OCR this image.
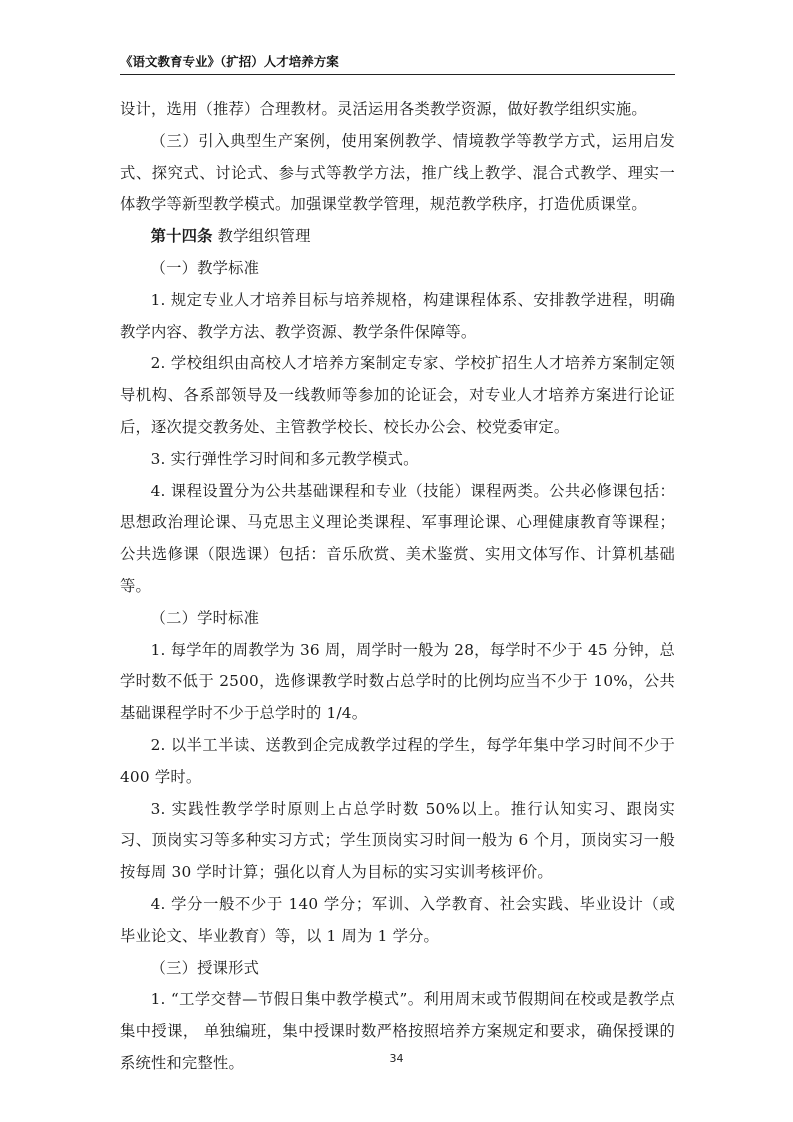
《语文教育专业》（扩招）人才培养方案

设计，选用（推荐）合理教材。灵活运用各类教学资源，做好教学组织实施。

（三）引入典型生产案例，使用案例教学、情境教学等教学方式，运用启发式、探究式、讨论式、参与式等教学方法，推广线上教学、混合式教学、理实一体教学等新型教学模式。加强课堂教学管理，规范教学秩序，打造优质课堂。

第十四条 教学组织管理

（一）教学标准

1. 规定专业人才培养目标与培养规格，构建课程体系、安排教学进程，明确教学内容、教学方法、教学资源、教学条件保障等。

2. 学校组织由高校人才培养方案制定专家、学校扩招生人才培养方案制定领导机构、各系部领导及一线教师等参加的论证会，对专业人才培养方案进行论证后，逐次提交教务处、主管教学校长、校长办公会、校党委审定。

3. 实行弹性学习时间和多元教学模式。

4. 课程设置分为公共基础课程和专业（技能）课程两类。公共必修课包括：思想政治理论课、马克思主义理论类课程、军事理论课、心理健康教育等课程；公共选修课（限选课）包括：音乐欣赏、美术鉴赏、实用文体写作、计算机基础等。

（二）学时标准

1. 每学年的周教学为 36 周，周学时一般为 28，每学时不少于 45 分钟，总学时数不低于 2500，选修课教学时数占总学时的比例均应当不少于 10%，公共基础课程学时不少于总学时的 1/4。

2. 以半工半读、送教到企完成教学过程的学生，每学年集中学习时间不少于 400 学时。

3. 实践性教学学时原则上占总学时数 50%以上。推行认知实习、跟岗实习、顶岗实习等多种实习方式；学生顶岗实习时间一般为 6 个月，顶岗实习一般按每周 30 学时计算；强化以育人为目标的实习实训考核评价。

4. 学分一般不少于 140 学分；军训、入学教育、社会实践、毕业设计（或毕业论文、毕业教育）等，以 1 周为 1 学分。

（三）授课形式

1. “工学交替—节假日集中教学模式”。利用周末或节假期间在校或是教学点集中授课， 单独编班，集中授课时数严格按照培养方案规定和要求，确保授课的系统性和完整性。	34
